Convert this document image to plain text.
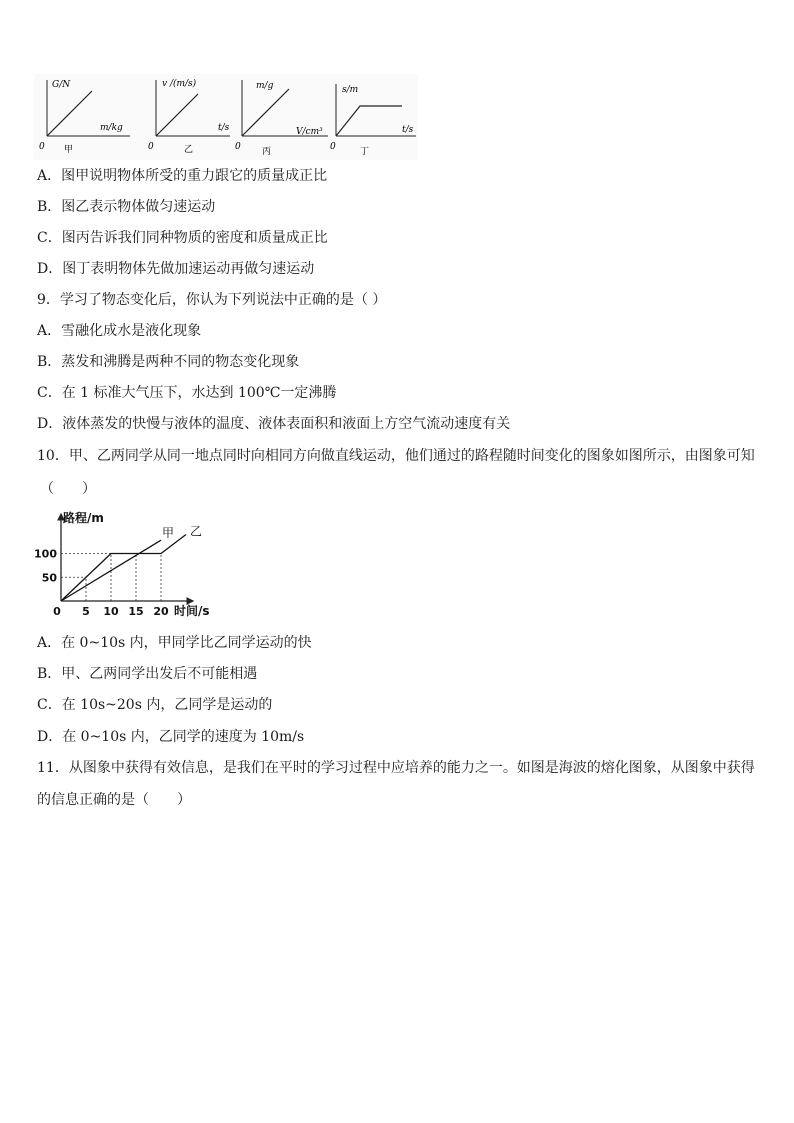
G/N
m/kg
0 甲
v /(m/s)
t/s
0	乙
m/g
V/cm³
0 丙
s/m
t/s
0	丁
A．图甲说明物体所受的重力跟它的质量成正比
B．图乙表示物体做匀速运动
C．图丙告诉我们同种物质的密度和质量成正比
D．图丁表明物体先做加速运动再做匀速运动
9．学习了物态变化后，你认为下列说法中正确的是（ ）
A．雪融化成水是液化现象
B．蒸发和沸腾是两种不同的物态变化现象
C．在 1 标准大气压下，水达到 100℃一定沸腾
D．液体蒸发的快慢与液体的温度、液体表面积和液面上方空气流动速度有关
10．甲、乙两同学从同一地点同时向相同方向做直线运动，他们通过的路程随时间变化的图象如图所示，由图象可知
（　　）
50
100
5 10 15 20
路程/m
时间/s
0
甲 乙
A．在 0~10s 内，甲同学比乙同学运动的快
B．甲、乙两同学出发后不可能相遇
C．在 10s~20s 内，乙同学是运动的
D．在 0~10s 内，乙同学的速度为 10m/s
11．从图象中获得有效信息，是我们在平时的学习过程中应培养的能力之一。如图是海波的熔化图象，从图象中获得
的信息正确的是（　　）
